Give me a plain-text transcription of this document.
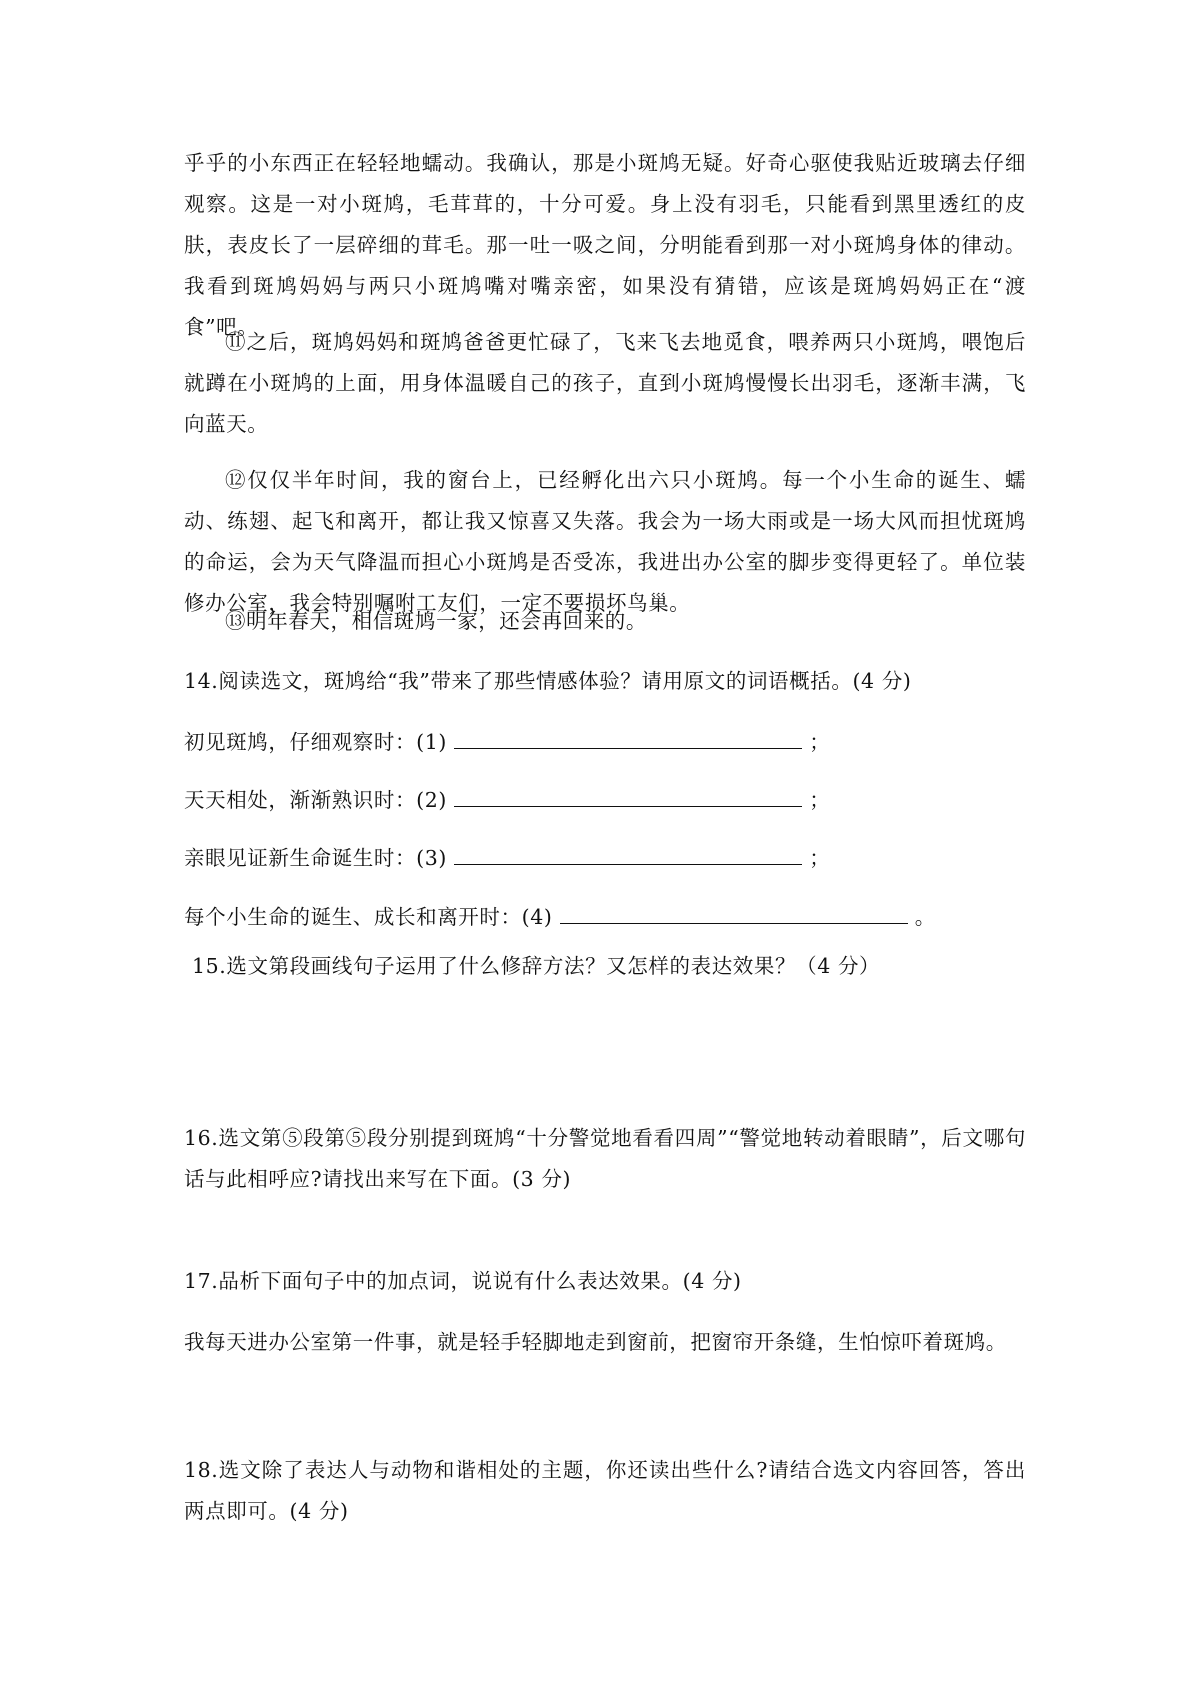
乎乎的小东西正在轻轻地蠕动。我确认，那是小斑鸠无疑。好奇心驱使我贴近玻璃去仔细观察。这是一对小斑鸠，毛茸茸的，十分可爱。身上没有羽毛，只能看到黑里透红的皮肤，表皮长了一层碎细的茸毛。那一吐一吸之间，分明能看到那一对小斑鸠身体的律动。我看到斑鸠妈妈与两只小斑鸠嘴对嘴亲密，如果没有猜错，应该是斑鸠妈妈正在“渡食”吧。

⑪之后，斑鸠妈妈和斑鸠爸爸更忙碌了，飞来飞去地觅食，喂养两只小斑鸠，喂饱后就蹲在小斑鸠的上面，用身体温暖自己的孩子，直到小斑鸠慢慢长出羽毛，逐渐丰满，飞向蓝天。

⑫仅仅半年时间，我的窗台上，已经孵化出六只小斑鸠。每一个小生命的诞生、蠕动、练翅、起飞和离开，都让我又惊喜又失落。我会为一场大雨或是一场大风而担忧斑鸠的命运，会为天气降温而担心小斑鸠是否受冻，我进出办公室的脚步变得更轻了。单位装修办公室，我会特别嘱咐工友们，一定不要损坏鸟巢。

⑬明年春天，相信斑鸠一家，还会再回来的。

14.阅读选文，斑鸠给“我”带来了那些情感体验？请用原文的词语概括。(4 分)

初见斑鸠，仔细观察时：(1)	；

天天相处，渐渐熟识时：(2)	；

亲眼见证新生命诞生时：(3)	；

每个小生命的诞生、成长和离开时：(4)	。

15.选文第段画线句子运用了什么修辞方法？又怎样的表达效果？（4 分）

16.选文第⑤段第⑤段分别提到斑鸠“十分警觉地看看四周”“警觉地转动着眼睛”，后文哪句话与此相呼应?请找出来写在下面。(3 分)

17.品析下面句子中的加点词，说说有什么表达效果。(4 分)

我每天进办公室第一件事，就是轻手轻脚地走到窗前，把窗帘开条缝，生怕惊吓着斑鸠。

18.选文除了表达人与动物和谐相处的主题，你还读出些什么?请结合选文内容回答，答出两点即可。(4 分)
